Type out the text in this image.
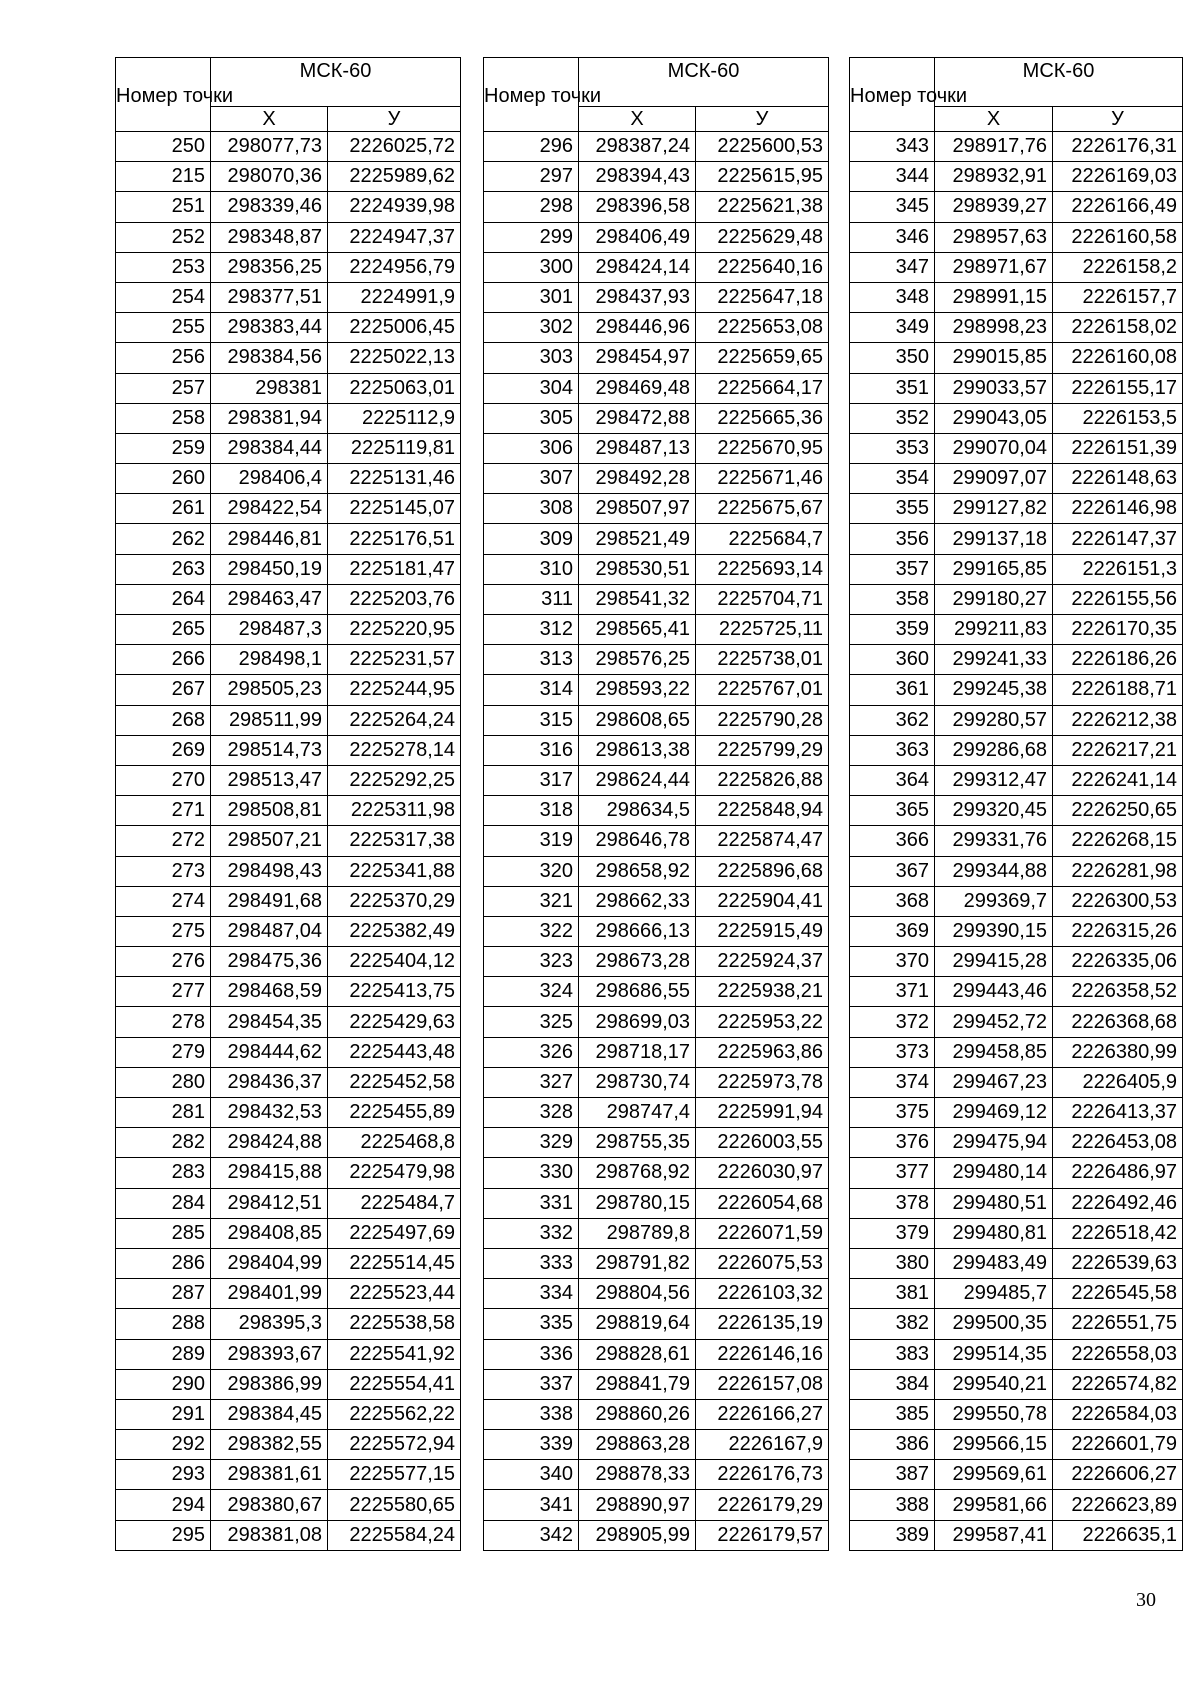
Номер точки	МСК-60	
	Х	У
250	298077,73	2226025,72
215	298070,36	2225989,62
251	298339,46	2224939,98
252	298348,87	2224947,37
253	298356,25	2224956,79
254	298377,51	2224991,9
255	298383,44	2225006,45
256	298384,56	2225022,13
257	298381	2225063,01
258	298381,94	2225112,9
259	298384,44	2225119,81
260	298406,4	2225131,46
261	298422,54	2225145,07
262	298446,81	2225176,51
263	298450,19	2225181,47
264	298463,47	2225203,76
265	298487,3	2225220,95
266	298498,1	2225231,57
267	298505,23	2225244,95
268	298511,99	2225264,24
269	298514,73	2225278,14
270	298513,47	2225292,25
271	298508,81	2225311,98
272	298507,21	2225317,38
273	298498,43	2225341,88
274	298491,68	2225370,29
275	298487,04	2225382,49
276	298475,36	2225404,12
277	298468,59	2225413,75
278	298454,35	2225429,63
279	298444,62	2225443,48
280	298436,37	2225452,58
281	298432,53	2225455,89
282	298424,88	2225468,8
283	298415,88	2225479,98
284	298412,51	2225484,7
285	298408,85	2225497,69
286	298404,99	2225514,45
287	298401,99	2225523,44
288	298395,3	2225538,58
289	298393,67	2225541,92
290	298386,99	2225554,41
291	298384,45	2225562,22
292	298382,55	2225572,94
293	298381,61	2225577,15
294	298380,67	2225580,65
295	298381,08	2225584,24
Номер точки	МСК-60	
	Х	У
296	298387,24	2225600,53
297	298394,43	2225615,95
298	298396,58	2225621,38
299	298406,49	2225629,48
300	298424,14	2225640,16
301	298437,93	2225647,18
302	298446,96	2225653,08
303	298454,97	2225659,65
304	298469,48	2225664,17
305	298472,88	2225665,36
306	298487,13	2225670,95
307	298492,28	2225671,46
308	298507,97	2225675,67
309	298521,49	2225684,7
310	298530,51	2225693,14
311	298541,32	2225704,71
312	298565,41	2225725,11
313	298576,25	2225738,01
314	298593,22	2225767,01
315	298608,65	2225790,28
316	298613,38	2225799,29
317	298624,44	2225826,88
318	298634,5	2225848,94
319	298646,78	2225874,47
320	298658,92	2225896,68
321	298662,33	2225904,41
322	298666,13	2225915,49
323	298673,28	2225924,37
324	298686,55	2225938,21
325	298699,03	2225953,22
326	298718,17	2225963,86
327	298730,74	2225973,78
328	298747,4	2225991,94
329	298755,35	2226003,55
330	298768,92	2226030,97
331	298780,15	2226054,68
332	298789,8	2226071,59
333	298791,82	2226075,53
334	298804,56	2226103,32
335	298819,64	2226135,19
336	298828,61	2226146,16
337	298841,79	2226157,08
338	298860,26	2226166,27
339	298863,28	2226167,9
340	298878,33	2226176,73
341	298890,97	2226179,29
342	298905,99	2226179,57
Номер точки	МСК-60	
	Х	У
343	298917,76	2226176,31
344	298932,91	2226169,03
345	298939,27	2226166,49
346	298957,63	2226160,58
347	298971,67	2226158,2
348	298991,15	2226157,7
349	298998,23	2226158,02
350	299015,85	2226160,08
351	299033,57	2226155,17
352	299043,05	2226153,5
353	299070,04	2226151,39
354	299097,07	2226148,63
355	299127,82	2226146,98
356	299137,18	2226147,37
357	299165,85	2226151,3
358	299180,27	2226155,56
359	299211,83	2226170,35
360	299241,33	2226186,26
361	299245,38	2226188,71
362	299280,57	2226212,38
363	299286,68	2226217,21
364	299312,47	2226241,14
365	299320,45	2226250,65
366	299331,76	2226268,15
367	299344,88	2226281,98
368	299369,7	2226300,53
369	299390,15	2226315,26
370	299415,28	2226335,06
371	299443,46	2226358,52
372	299452,72	2226368,68
373	299458,85	2226380,99
374	299467,23	2226405,9
375	299469,12	2226413,37
376	299475,94	2226453,08
377	299480,14	2226486,97
378	299480,51	2226492,46
379	299480,81	2226518,42
380	299483,49	2226539,63
381	299485,7	2226545,58
382	299500,35	2226551,75
383	299514,35	2226558,03
384	299540,21	2226574,82
385	299550,78	2226584,03
386	299566,15	2226601,79
387	299569,61	2226606,27
388	299581,66	2226623,89
389	299587,41	2226635,1
30
